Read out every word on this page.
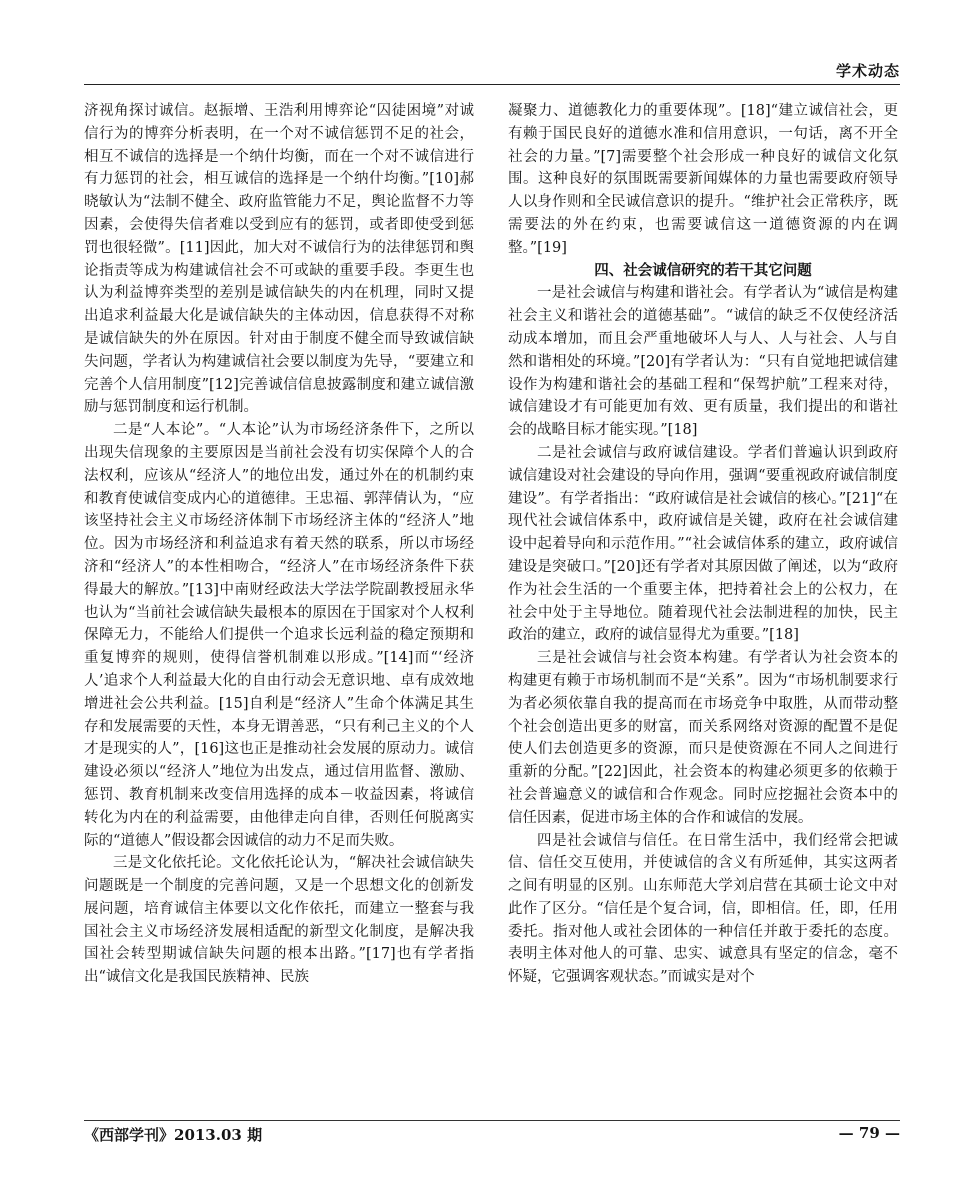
学术动态

济视角探讨诚信。赵振增、王浩利用博弈论“囚徒困境”对诚信行为的博弈分析表明，在一个对不诚信惩罚不足的社会，相互不诚信的选择是一个纳什均衡，而在一个对不诚信进行有力惩罚的社会，相互诚信的选择是一个纳什均衡。”[10]郝晓敏认为“法制不健全、政府监管能力不足，舆论监督不力等因素，会使得失信者难以受到应有的惩罚，或者即使受到惩罚也很轻微”。[11]因此，加大对不诚信行为的法律惩罚和舆论指责等成为构建诚信社会不可或缺的重要手段。李更生也认为利益博弈类型的差别是诚信缺失的内在机理，同时又提出追求利益最大化是诚信缺失的主体动因，信息获得不对称是诚信缺失的外在原因。针对由于制度不健全而导致诚信缺失问题，学者认为构建诚信社会要以制度为先导，“要建立和完善个人信用制度”[12]完善诚信信息披露制度和建立诚信激励与惩罚制度和运行机制。

二是“人本论”。“人本论”认为市场经济条件下，之所以出现失信现象的主要原因是当前社会没有切实保障个人的合法权利，应该从“经济人”的地位出发，通过外在的机制约束和教育使诚信变成内心的道德律。王忠福、郭萍倩认为，“应该坚持社会主义市场经济体制下市场经济主体的“经济人”地位。因为市场经济和利益追求有着天然的联系，所以市场经济和“经济人”的本性相吻合，“经济人”在市场经济条件下获得最大的解放。”[13]中南财经政法大学法学院副教授屈永华也认为“当前社会诚信缺失最根本的原因在于国家对个人权利保障无力，不能给人们提供一个追求长远利益的稳定预期和重复博弈的规则，使得信誉机制难以形成。”[14]而“‘经济人’追求个人利益最大化的自由行动会无意识地、卓有成效地增进社会公共利益。[15]自利是“经济人”生命个体满足其生存和发展需要的天性，本身无谓善恶，“只有利己主义的个人才是现实的人”，[16]这也正是推动社会发展的原动力。诚信建设必须以“经济人”地位为出发点，通过信用监督、激励、惩罚、教育机制来改变信用选择的成本－收益因素，将诚信转化为内在的利益需要，由他律走向自律，否则任何脱离实际的“道德人”假设都会因诚信的动力不足而失败。

三是文化依托论。文化依托论认为，“解决社会诚信缺失问题既是一个制度的完善问题，又是一个思想文化的创新发展问题，培育诚信主体要以文化作依托，而建立一整套与我国社会主义市场经济发展相适配的新型文化制度，是解决我国社会转型期诚信缺失问题的根本出路。”[17]也有学者指出“诚信文化是我国民族精神、民族

凝聚力、道德教化力的重要体现”。[18]“建立诚信社会，更有赖于国民良好的道德水准和信用意识，一句话，离不开全社会的力量。”[7]需要整个社会形成一种良好的诚信文化氛围。这种良好的氛围既需要新闻媒体的力量也需要政府领导人以身作则和全民诚信意识的提升。“维护社会正常秩序，既需要法的外在约束，也需要诚信这一道德资源的内在调整。”[19]

四、社会诚信研究的若干其它问题

一是社会诚信与构建和谐社会。有学者认为“诚信是构建社会主义和谐社会的道德基础”。“诚信的缺乏不仅使经济活动成本增加，而且会严重地破坏人与人、人与社会、人与自然和谐相处的环境。”[20]有学者认为：“只有自觉地把诚信建设作为构建和谐社会的基础工程和“保驾护航”工程来对待，诚信建设才有可能更加有效、更有质量，我们提出的和谐社会的战略目标才能实现。”[18]

二是社会诚信与政府诚信建设。学者们普遍认识到政府诚信建设对社会建设的导向作用，强调“要重视政府诚信制度建设”。有学者指出：“政府诚信是社会诚信的核心。”[21]“在现代社会诚信体系中，政府诚信是关键，政府在社会诚信建设中起着导向和示范作用。”“社会诚信体系的建立，政府诚信建设是突破口。”[20]还有学者对其原因做了阐述，以为“政府作为社会生活的一个重要主体，把持着社会上的公权力，在社会中处于主导地位。随着现代社会法制进程的加快，民主政治的建立，政府的诚信显得尤为重要。”[18]

三是社会诚信与社会资本构建。有学者认为社会资本的构建更有赖于市场机制而不是“关系”。因为“市场机制要求行为者必须依靠自我的提高而在市场竞争中取胜，从而带动整个社会创造出更多的财富，而关系网络对资源的配置不是促使人们去创造更多的资源，而只是使资源在不同人之间进行重新的分配。”[22]因此，社会资本的构建必须更多的依赖于社会普遍意义的诚信和合作观念。同时应挖掘社会资本中的信任因素，促进市场主体的合作和诚信的发展。

四是社会诚信与信任。在日常生活中，我们经常会把诚信、信任交互使用，并使诚信的含义有所延伸，其实这两者之间有明显的区别。山东师范大学刘启营在其硕士论文中对此作了区分。“信任是个复合词，信，即相信。任，即，任用委托。指对他人或社会团体的一种信任并敢于委托的态度。表明主体对他人的可靠、忠实、诚意具有坚定的信念，毫不怀疑，它强调客观状态。”而诚实是对个

《西部学刊》2013.03 期	— 79 —
